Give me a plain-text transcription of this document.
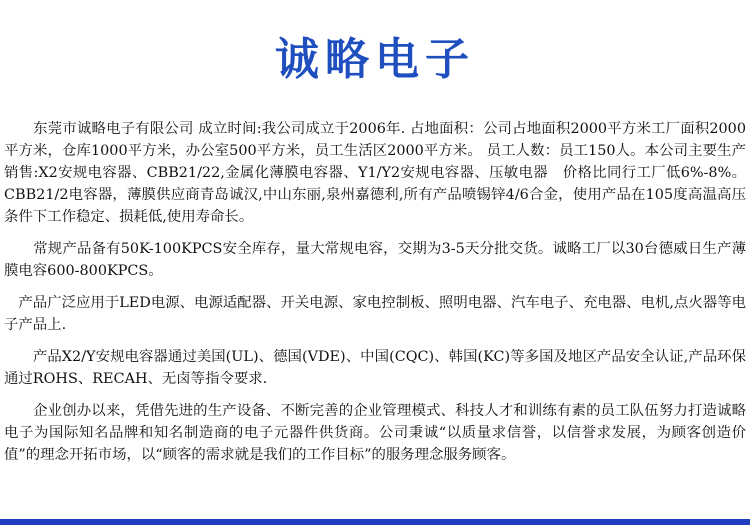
诚略电子

　　东莞市诚略电子有限公司 成立时间:我公司成立于2006年. 占地面积：公司占地面积2000平方米工厂面积2000平方米，仓库1000平方米，办公室500平方米，员工生活区2000平方米。 员工人数：员工150人。本公司主要生产销售:X2安规电容器、CBB21/22,金属化薄膜电容器、Y1/Y2安规电容器、压敏电器　价格比同行工厂低6%-8%。CBB21/2电容器，薄膜供应商青岛诚汉,中山东丽,泉州嘉德利,所有产品喷锡锌4/6合金，使用产品在105度高温高压条件下工作稳定、损耗低,使用寿命长。

　　常规产品备有50K-100KPCS安全库存，量大常规电容，交期为3-5天分批交货。诚略工厂以30台德威日生产薄膜电容600-800KPCS。

　产品广泛应用于LED电源、电源适配器、开关电源、家电控制板、照明电器、汽车电子、充电器、电机,点火器等电子产品上.

　　产品X2/Y安规电容器通过美国(UL)、德国(VDE)、中国(CQC)、韩国(KC)等多国及地区产品安全认证,产品环保通过ROHS、RECAH、无卤等指令要求.

　　企业创办以来，凭借先进的生产设备、不断完善的企业管理模式、科技人才和训练有素的员工队伍努力打造诚略电子为国际知名品牌和知名制造商的电子元器件供货商。公司秉诚“以质量求信誉，以信誉求发展，为顾客创造价值”的理念开拓市场，以“顾客的需求就是我们的工作目标”的服务理念服务顾客。
